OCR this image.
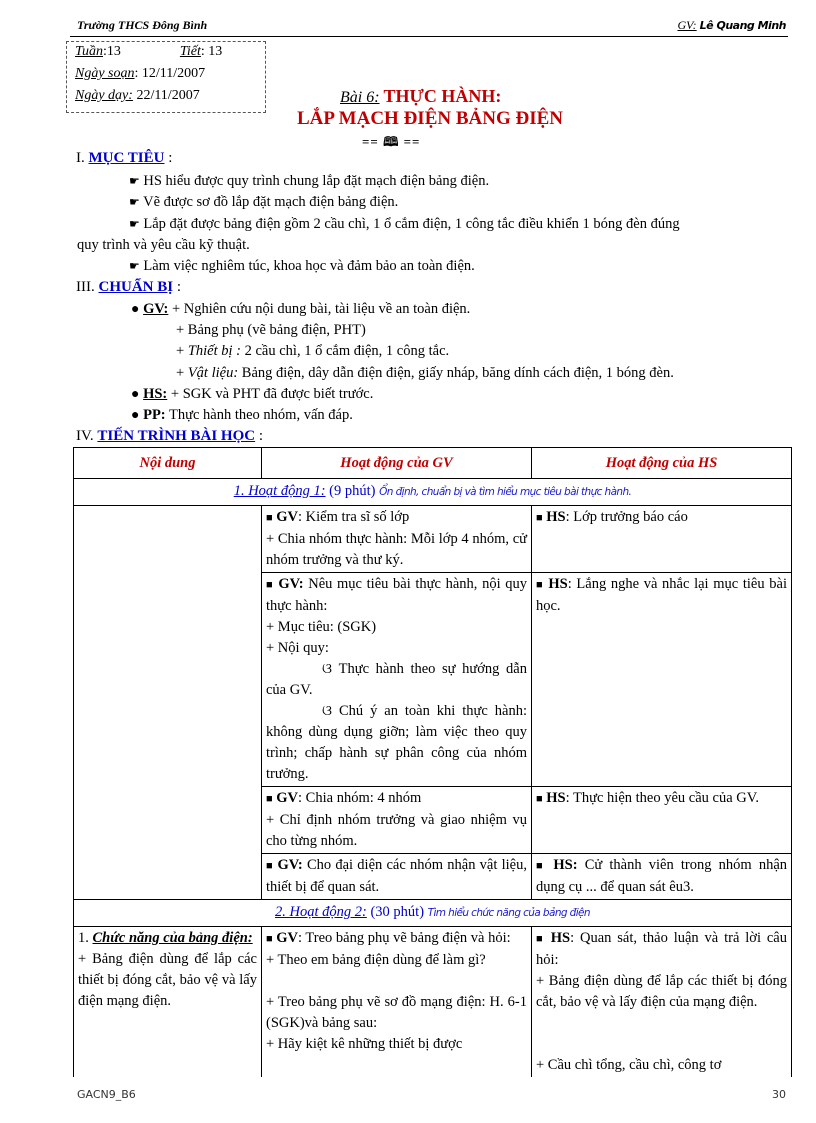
Trường THCS Đông Bình	GV: Lê Quang Minh
Tuần:13	Tiết: 13
Ngày soạn: 12/11/2007
Ngày dạy: 22/11/2007	Bài 6: THỰC HÀNH:
LẮP MẠCH ĐIỆN BẢNG ĐIỆN
== 🕮 ==
I. MỤC TIÊU :
☛ HS hiểu được quy trình chung lắp đặt mạch điện bảng điện.
☛ Vẽ được sơ đồ lắp đặt mạch điện bảng điện.
☛ Lắp đặt được bảng điện gồm 2 cầu chì, 1 ổ cắm điện, 1 công tắc điều khiển 1 bóng đèn đúng
quy trình và yêu cầu kỹ thuật.
☛ Làm việc nghiêm túc, khoa học và đảm bảo an toàn điện.
III. CHUẨN BỊ :
● GV: + Nghiên cứu nội dung bài, tài liệu về an toàn điện.
+ Bảng phụ (vẽ bảng điện, PHT)
+ Thiết bị : 2 cầu chì, 1 ổ cắm điện, 1 công tắc.
+ Vật liệu: Bảng điện, dây dẫn điện điện, giấy nháp, băng dính cách điện, 1 bóng đèn.
● HS: + SGK và PHT đã được biết trước.
● PP: Thực hành theo nhóm, vấn đáp.
IV. TIẾN TRÌNH BÀI HỌC :
Nội dung	Hoạt động của GV	Hoạt động của HS
1. Hoạt động 1: (9 phút) Ổn định, chuẩn bị và tìm hiểu mục tiêu bài thực hành.		
	■ GV: Kiểm tra sĩ số lớp
+ Chia nhóm thực hành: Mỗi lớp 4 nhóm, cử nhóm trưởng và thư ký.	■ HS: Lớp trưởng báo cáo
	■ GV: Nêu mục tiêu bài thực hành, nội quy thực hành:
+ Mục tiêu: (SGK)
+ Nội quy:
ଓ Thực hành theo sự hướng dẫn của GV.
ଓ Chú ý an toàn khi thực hành: không dùng dụng giỡn; làm việc theo quy trình; chấp hành sự phân công của nhóm trưởng.	■ HS: Lắng nghe và nhắc lại mục tiêu bài học.
	■ GV: Chia nhóm: 4 nhóm
+ Chỉ định nhóm trưởng và giao nhiệm vụ cho từng nhóm.	■ HS: Thực hiện theo yêu cầu của GV.
	■ GV: Cho đại diện các nhóm nhận vật liệu, thiết bị để quan sát.	■ HS: Cử thành viên trong nhóm nhận dụng cụ ... để quan sát êu3.
2. Hoạt động 2: (30 phút) Tìm hiểu chức năng của bảng điện		
1. Chức năng của bảng điện:
+ Bảng điện dùng để lắp các thiết bị đóng cắt, bảo vệ và lấy điện mạng điện.	■ GV: Treo bảng phụ vẽ bảng điện và hỏi:
+ Theo em bảng điện dùng để làm gì?

+ Treo bảng phụ vẽ sơ đồ mạng điện: H. 6-1 (SGK)và bảng sau:
+ Hãy kiệt kê những thiết bị được	■ HS: Quan sát, thảo luận và trả lời câu hỏi:
+ Bảng điện dùng để lắp các thiết bị đóng cắt, bảo vệ và lấy điện của mạng điện.

+ Cầu chì tổng, cầu chì, công tơ
GACN9_B6	30
